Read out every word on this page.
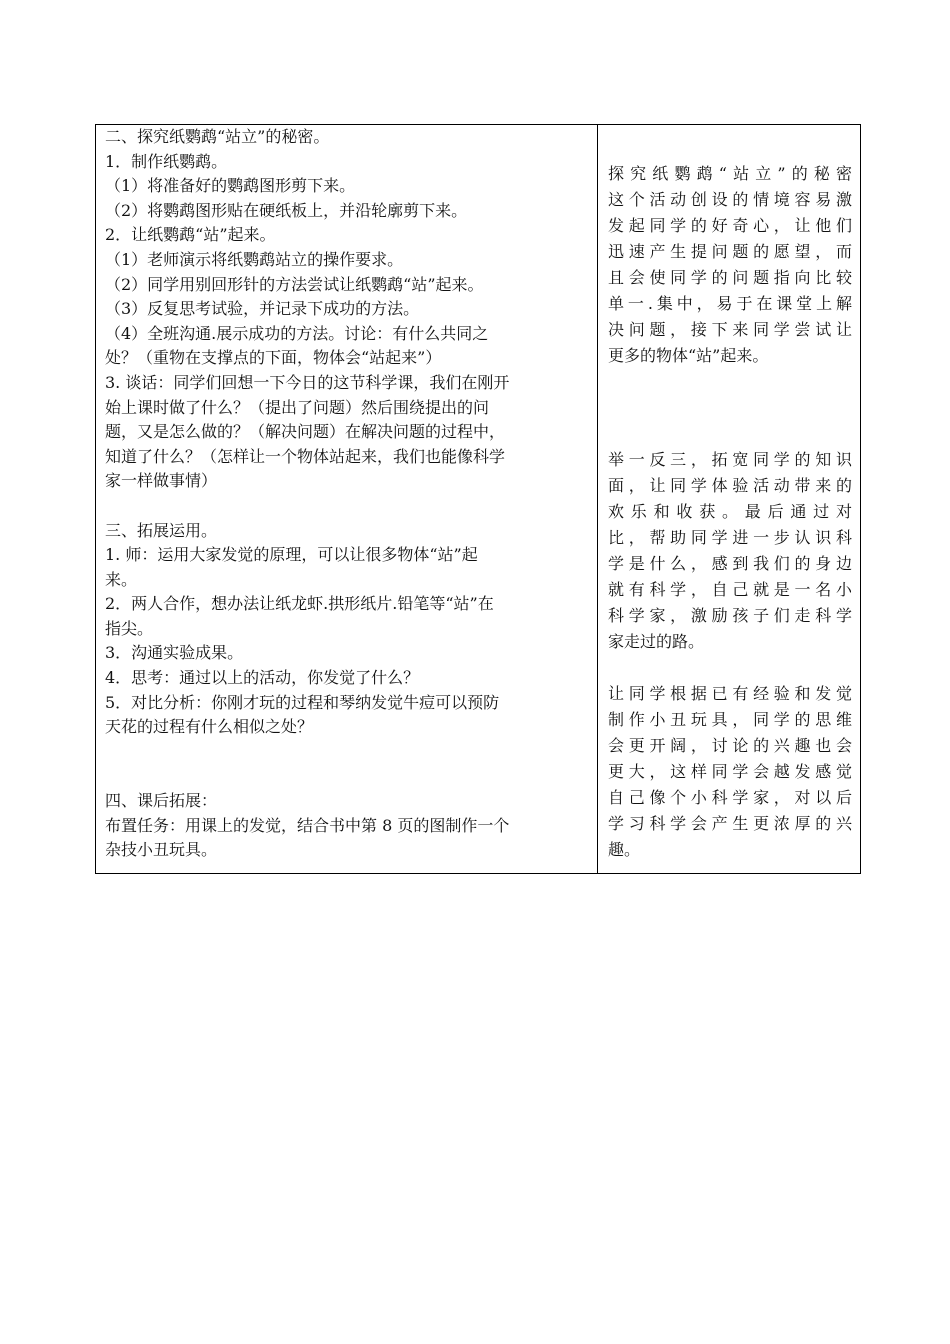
二、探究纸鹦鹉“站立”的秘密。
1．制作纸鹦鹉。
（1）将准备好的鹦鹉图形剪下来。
（2）将鹦鹉图形贴在硬纸板上，并沿轮廓剪下来。
2．让纸鹦鹉“站”起来。
（1）老师演示将纸鹦鹉站立的操作要求。
（2）同学用别回形针的方法尝试让纸鹦鹉“站”起来。
（3）反复思考试验，并记录下成功的方法。
（4）全班沟通.展示成功的方法。讨论：有什么共同之
处？（重物在支撑点的下面，物体会“站起来”）
3. 谈话：同学们回想一下今日的这节科学课，我们在刚开
始上课时做了什么？（提出了问题）然后围绕提出的问
题，又是怎么做的？（解决问题）在解决问题的过程中，
知道了什么？（怎样让一个物体站起来，我们也能像科学
家一样做事情）
三、拓展运用。
1. 师：运用大家发觉的原理，可以让很多物体“站”起
来。
2．两人合作，想办法让纸龙虾.拱形纸片.铅笔等“站”在
指尖。
3．沟通实验成果。
4．思考：通过以上的活动，你发觉了什么？
5．对比分析：你刚才玩的过程和琴纳发觉牛痘可以预防
天花的过程有什么相似之处？
四、课后拓展：
布置任务：用课上的发觉，结合书中第 8 页的图制作一个
杂技小丑玩具。
探究纸鹦鹉“站立”的秘密
这个活动创设的情境容易激
发起同学的好奇心，让他们
迅速产生提问题的愿望，而
且会使同学的问题指向比较
单一.集中，易于在课堂上解
决问题，接下来同学尝试让
更多的物体“站”起来。
举一反三，拓宽同学的知识
面，让同学体验活动带来的
欢乐和收获。最后通过对
比，帮助同学进一步认识科
学是什么，感到我们的身边
就有科学，自己就是一名小
科学家，激励孩子们走科学
家走过的路。
让同学根据已有经验和发觉
制作小丑玩具，同学的思维
会更开阔，讨论的兴趣也会
更大，这样同学会越发感觉
自己像个小科学家，对以后
学习科学会产生更浓厚的兴
趣。
